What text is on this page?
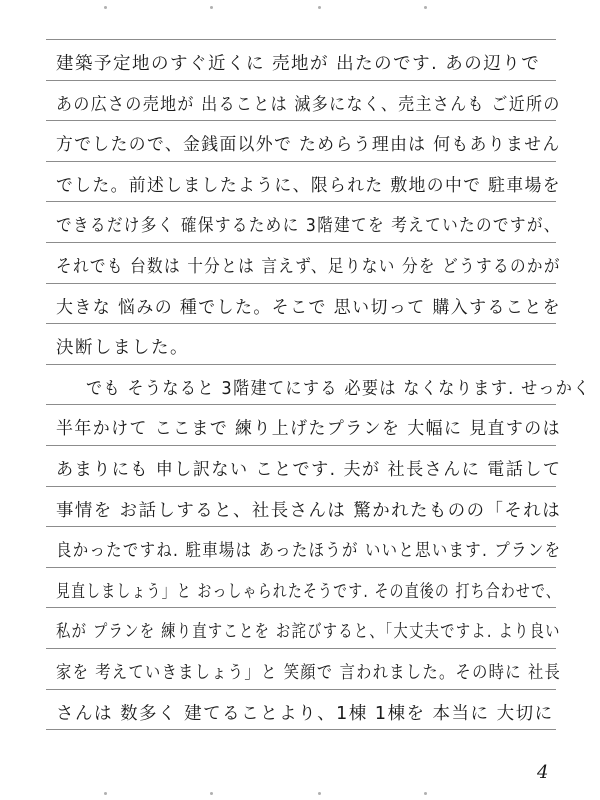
建築予定地のすぐ近くに 売地が 出たのです. あの辺りで
あの広さの売地が 出ることは 滅多になく、売主さんも ご近所の
方でしたので、金銭面以外で ためらう理由は 何もありません
でした。前述しましたように、限られた 敷地の中で 駐車場を
できるだけ多く 確保するために 3階建てを 考えていたのですが、
それでも 台数は 十分とは 言えず、足りない 分を どうするのかが
大きな 悩みの 種でした。そこで 思い切って 購入することを
決断しました。
でも そうなると 3階建てにする 必要は なくなります. せっかく
半年かけて ここまで 練り上げたプランを 大幅に 見直すのは
あまりにも 申し訳ない ことです. 夫が 社長さんに 電話して
事情を お話しすると、社長さんは 驚かれたものの「それは
良かったですね. 駐車場は あったほうが いいと思います. プランを
見直しましょう」と おっしゃられたそうです. その直後の 打ち合わせで、
私が プランを 練り直すことを お詫びすると、「大丈夫ですよ. より良い
家を 考えていきましょう」と 笑顔で 言われました。その時に 社長
さんは 数多く 建てることより、1棟 1棟を 本当に 大切に
4
